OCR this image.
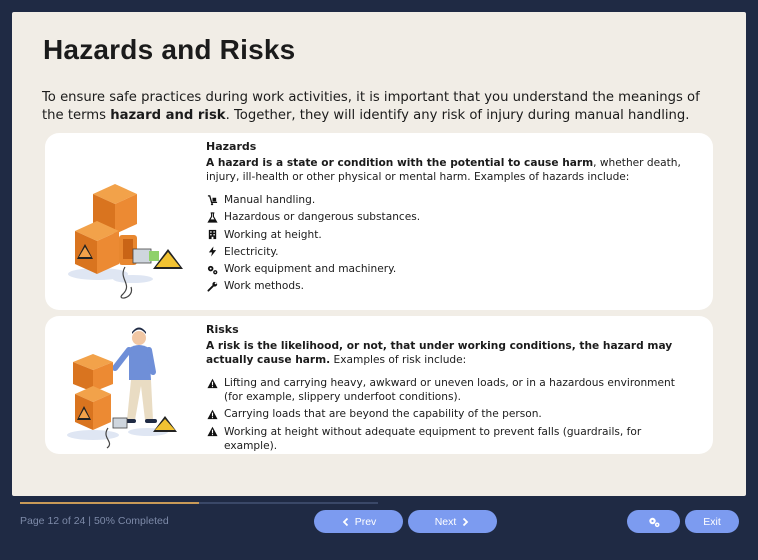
Hazards and Risks

To ensure safe practices during work activities, it is important that you understand the meanings of the terms hazard and risk. Together, they will identify any risk of injury during manual handling.

Hazards

A hazard is a state or condition with the potential to cause harm, whether death, injury, ill-health or other physical or mental harm. Examples of hazards include:

Manual handling.
Hazardous or dangerous substances.
Working at height.
Electricity.
Work equipment and machinery.
Work methods.
Risks

A risk is the likelihood, or not, that under working conditions, the hazard may actually cause harm. Examples of risk include:

Lifting and carrying heavy, awkward or uneven loads, or in a hazardous environment (for example, slippery underfoot conditions).
Carrying loads that are beyond the capability of the person.
Working at height without adequate equipment to prevent falls (guardrails, for example).
Page 12 of 24 | 50% Completed	Prev	Next	Exit
